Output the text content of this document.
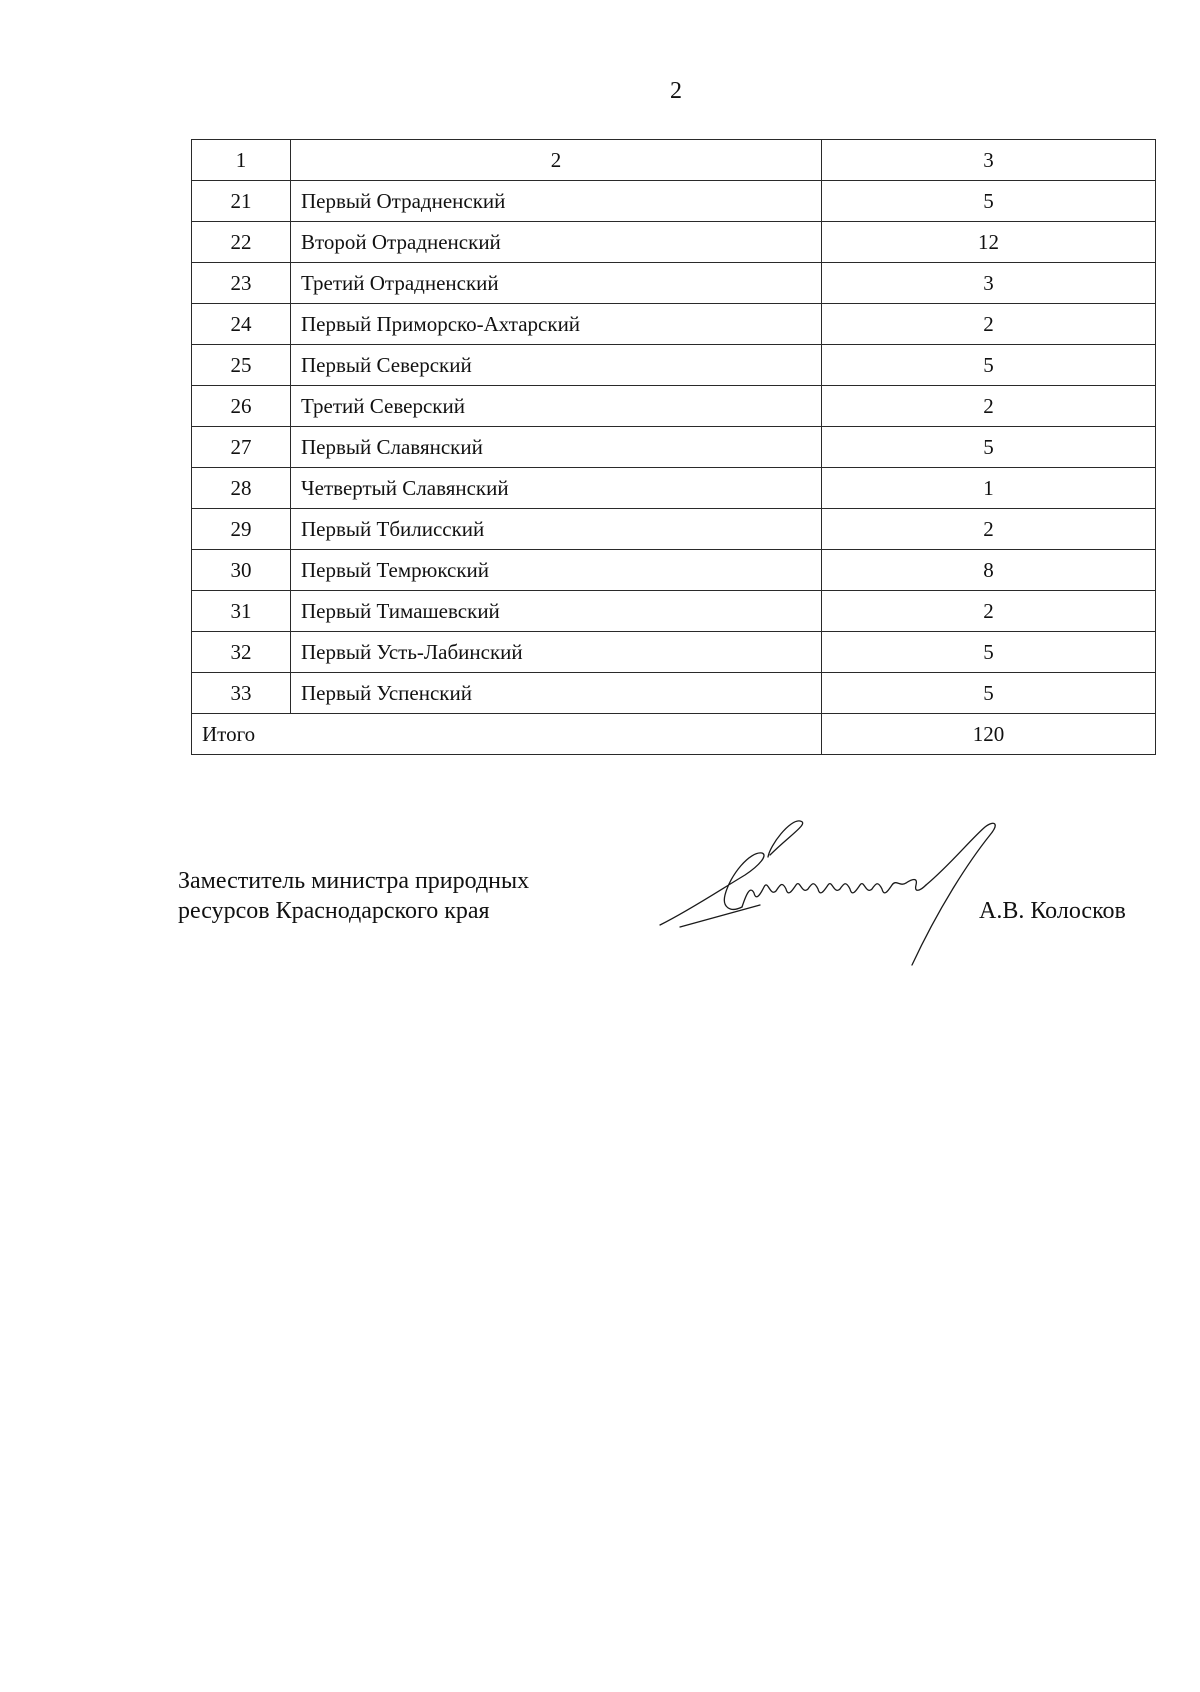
2
1	2	3
21	Первый Отрадненский	5
22	Второй Отрадненский	12
23	Третий Отрадненский	3
24	Первый Приморско-Ахтарский	2
25	Первый Северский	5
26	Третий Северский	2
27	Первый Славянский	5
28	Четвертый Славянский	1
29	Первый Тбилисский	2
30	Первый Темрюкский	8
31	Первый Тимашевский	2
32	Первый Усть-Лабинский	5
33	Первый Успенский	5
Итого		120
Заместитель министра природных
ресурсов Краснодарского края	А.В. Колосков
